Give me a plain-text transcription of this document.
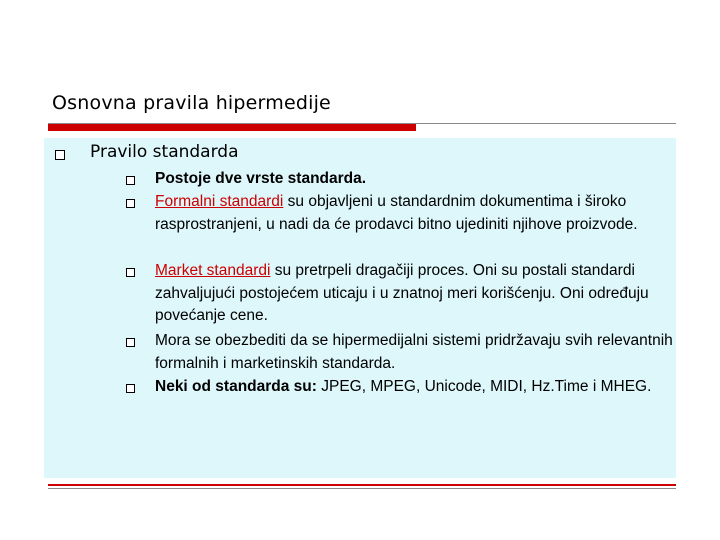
Osnovna pravila hipermedije
Pravilo standarda
Postoje dve vrste standarda.
Formalni standardi su objavljeni u standardnim dokumentima i široko rasprostranjeni, u nadi da će prodavci bitno ujediniti njihove proizvode.
Market standardi su pretrpeli dragačiji proces. Oni su postali standardi zahvaljujući postojećem uticaju i u znatnoj meri korišćenju. Oni određuju povećanje cene.
Mora se obezbediti da se hipermedijalni sistemi pridržavaju svih relevantnih formalnih i marketinskih standarda.
Neki od standarda su: JPEG, MPEG, Unicode, MIDI, Hz.Time i MHEG.
